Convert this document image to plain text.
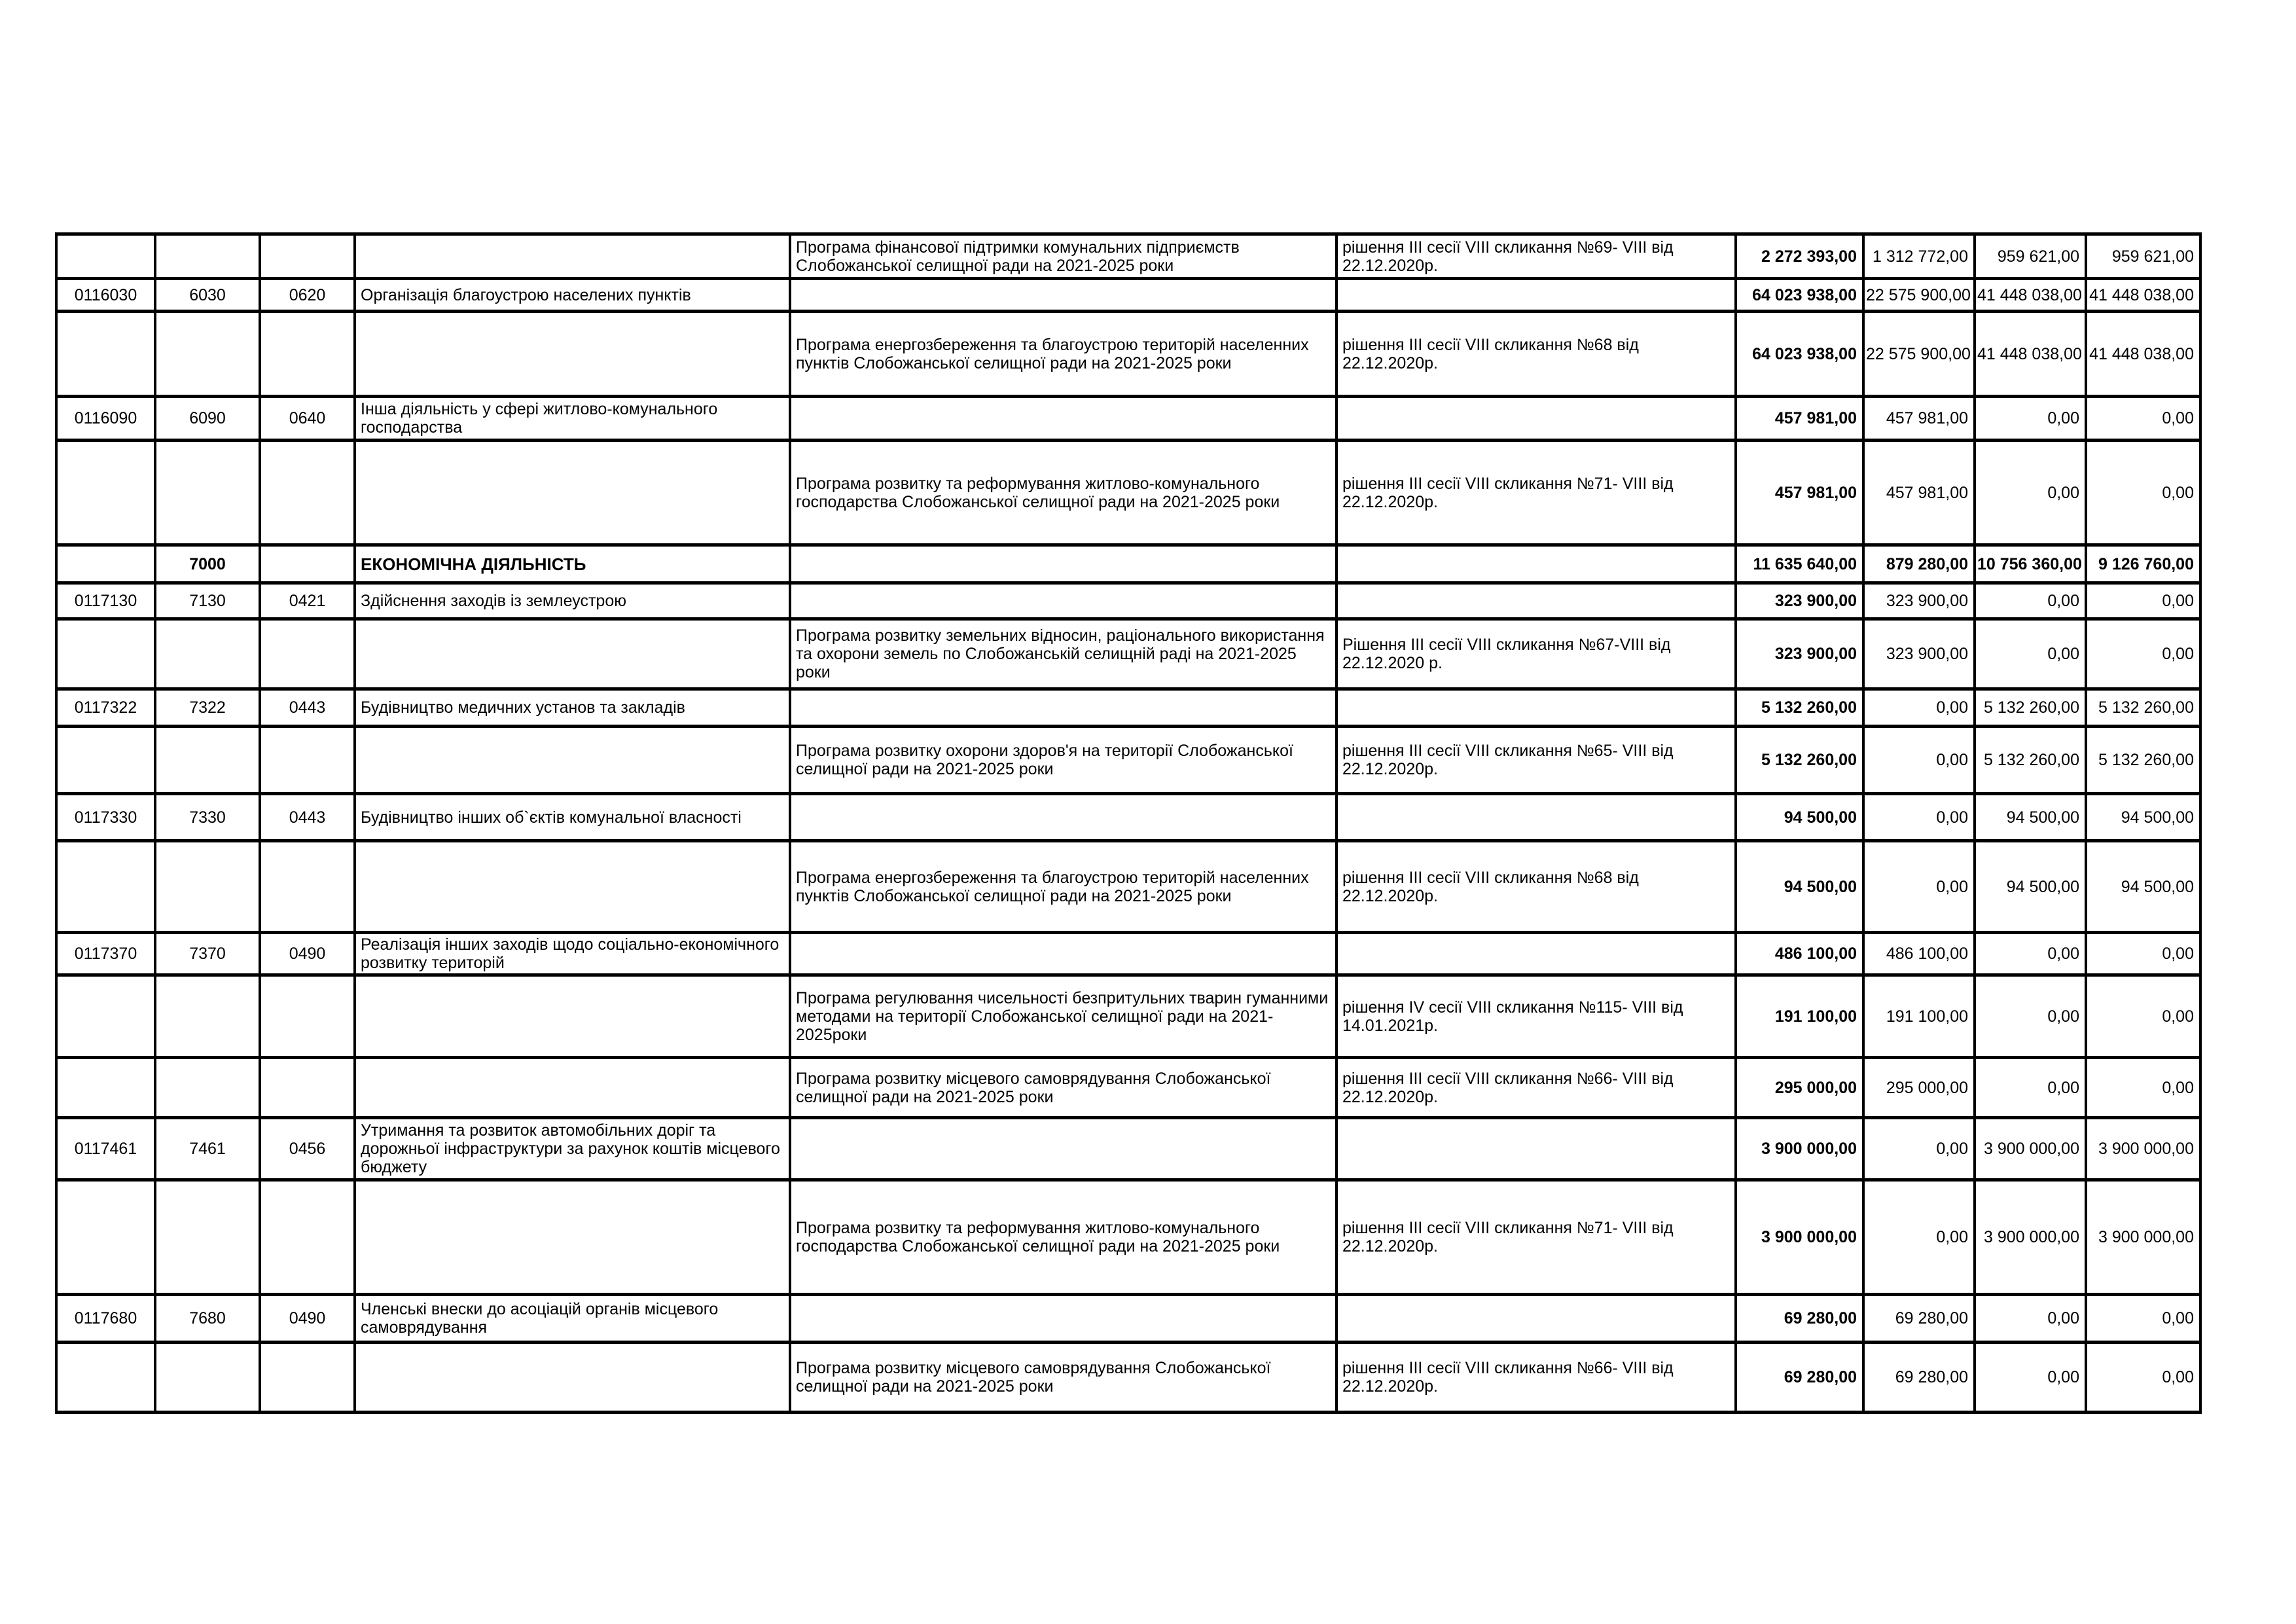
				Програма фінансової підтримки комунальних підприємств Слобожанської селищної ради на 2021-2025 роки	рішення III сесії VIII скликання №69- VIII від 22.12.2020р.	2 272 393,00	1 312 772,00	959 621,00	959 621,00
0116030	6030	0620	Організація благоустрою населених пунктів			64 023 938,00	22 575 900,00	41 448 038,00	41 448 038,00
				Програма енергозбереження та благоустрою територій населенних пунктів Слобожанської селищної ради на 2021-2025 роки	рішення III сесії VIII скликання №68 від 22.12.2020р.	64 023 938,00	22 575 900,00	41 448 038,00	41 448 038,00
0116090	6090	0640	Інша діяльність у сфері житлово-комунального господарства			457 981,00	457 981,00	0,00	0,00
				Програма розвитку та реформування житлово-комунального господарства Слобожанської селищної ради на 2021-2025 роки	рішення III сесії VIII скликання №71- VIII від 22.12.2020р.	457 981,00	457 981,00	0,00	0,00
	7000		ЕКОНОМІЧНА ДІЯЛЬНІСТЬ			11 635 640,00	879 280,00	10 756 360,00	9 126 760,00
0117130	7130	0421	Здійснення заходів із землеустрою			323 900,00	323 900,00	0,00	0,00
				Програма розвитку земельних відносин, раціонального використання та охорони земель по Слобожанській селищній раді на 2021-2025 роки	Рішення III сесії VIII скликання №67-VIII від 22.12.2020 р.	323 900,00	323 900,00	0,00	0,00
0117322	7322	0443	Будівництво медичних установ та закладів			5 132 260,00	0,00	5 132 260,00	5 132 260,00
				Програма розвитку охорони здоров'я на території Слобожанської селищної ради на 2021-2025 роки	рішення III сесії VIII скликання №65- VIII від 22.12.2020р.	5 132 260,00	0,00	5 132 260,00	5 132 260,00
0117330	7330	0443	Будівництво інших об`єктів комунальної власності			94 500,00	0,00	94 500,00	94 500,00
				Програма енергозбереження та благоустрою територій населенних пунктів Слобожанської селищної ради на 2021-2025 роки	рішення III сесії VIII скликання №68 від 22.12.2020р.	94 500,00	0,00	94 500,00	94 500,00
0117370	7370	0490	Реалізація інших заходів щодо соціально-економічного розвитку територій			486 100,00	486 100,00	0,00	0,00
				Програма регулювання чисельності безпритульних тварин гуманними методами на території Слобожанської селищної ради на 2021-2025роки	рішення IV сесії VIII скликання №115- VIII від 14.01.2021р.	191 100,00	191 100,00	0,00	0,00
				Програма розвитку місцевого самоврядування Слобожанської селищної ради на 2021-2025 роки	рішення III сесії VIII скликання №66- VIII від 22.12.2020р.	295 000,00	295 000,00	0,00	0,00
0117461	7461	0456	Утримання та розвиток автомобільних доріг та дорожньої інфраструктури за рахунок коштів місцевого бюджету			3 900 000,00	0,00	3 900 000,00	3 900 000,00
				Програма розвитку та реформування житлово-комунального господарства Слобожанської селищної ради на 2021-2025 роки	рішення III сесії VIII скликання №71- VIII від 22.12.2020р.	3 900 000,00	0,00	3 900 000,00	3 900 000,00
0117680	7680	0490	Членські внески до асоціацій органів місцевого самоврядування			69 280,00	69 280,00	0,00	0,00
				Програма розвитку місцевого самоврядування Слобожанської селищної ради на 2021-2025 роки	рішення III сесії VIII скликання №66- VIII від 22.12.2020р.	69 280,00	69 280,00	0,00	0,00
